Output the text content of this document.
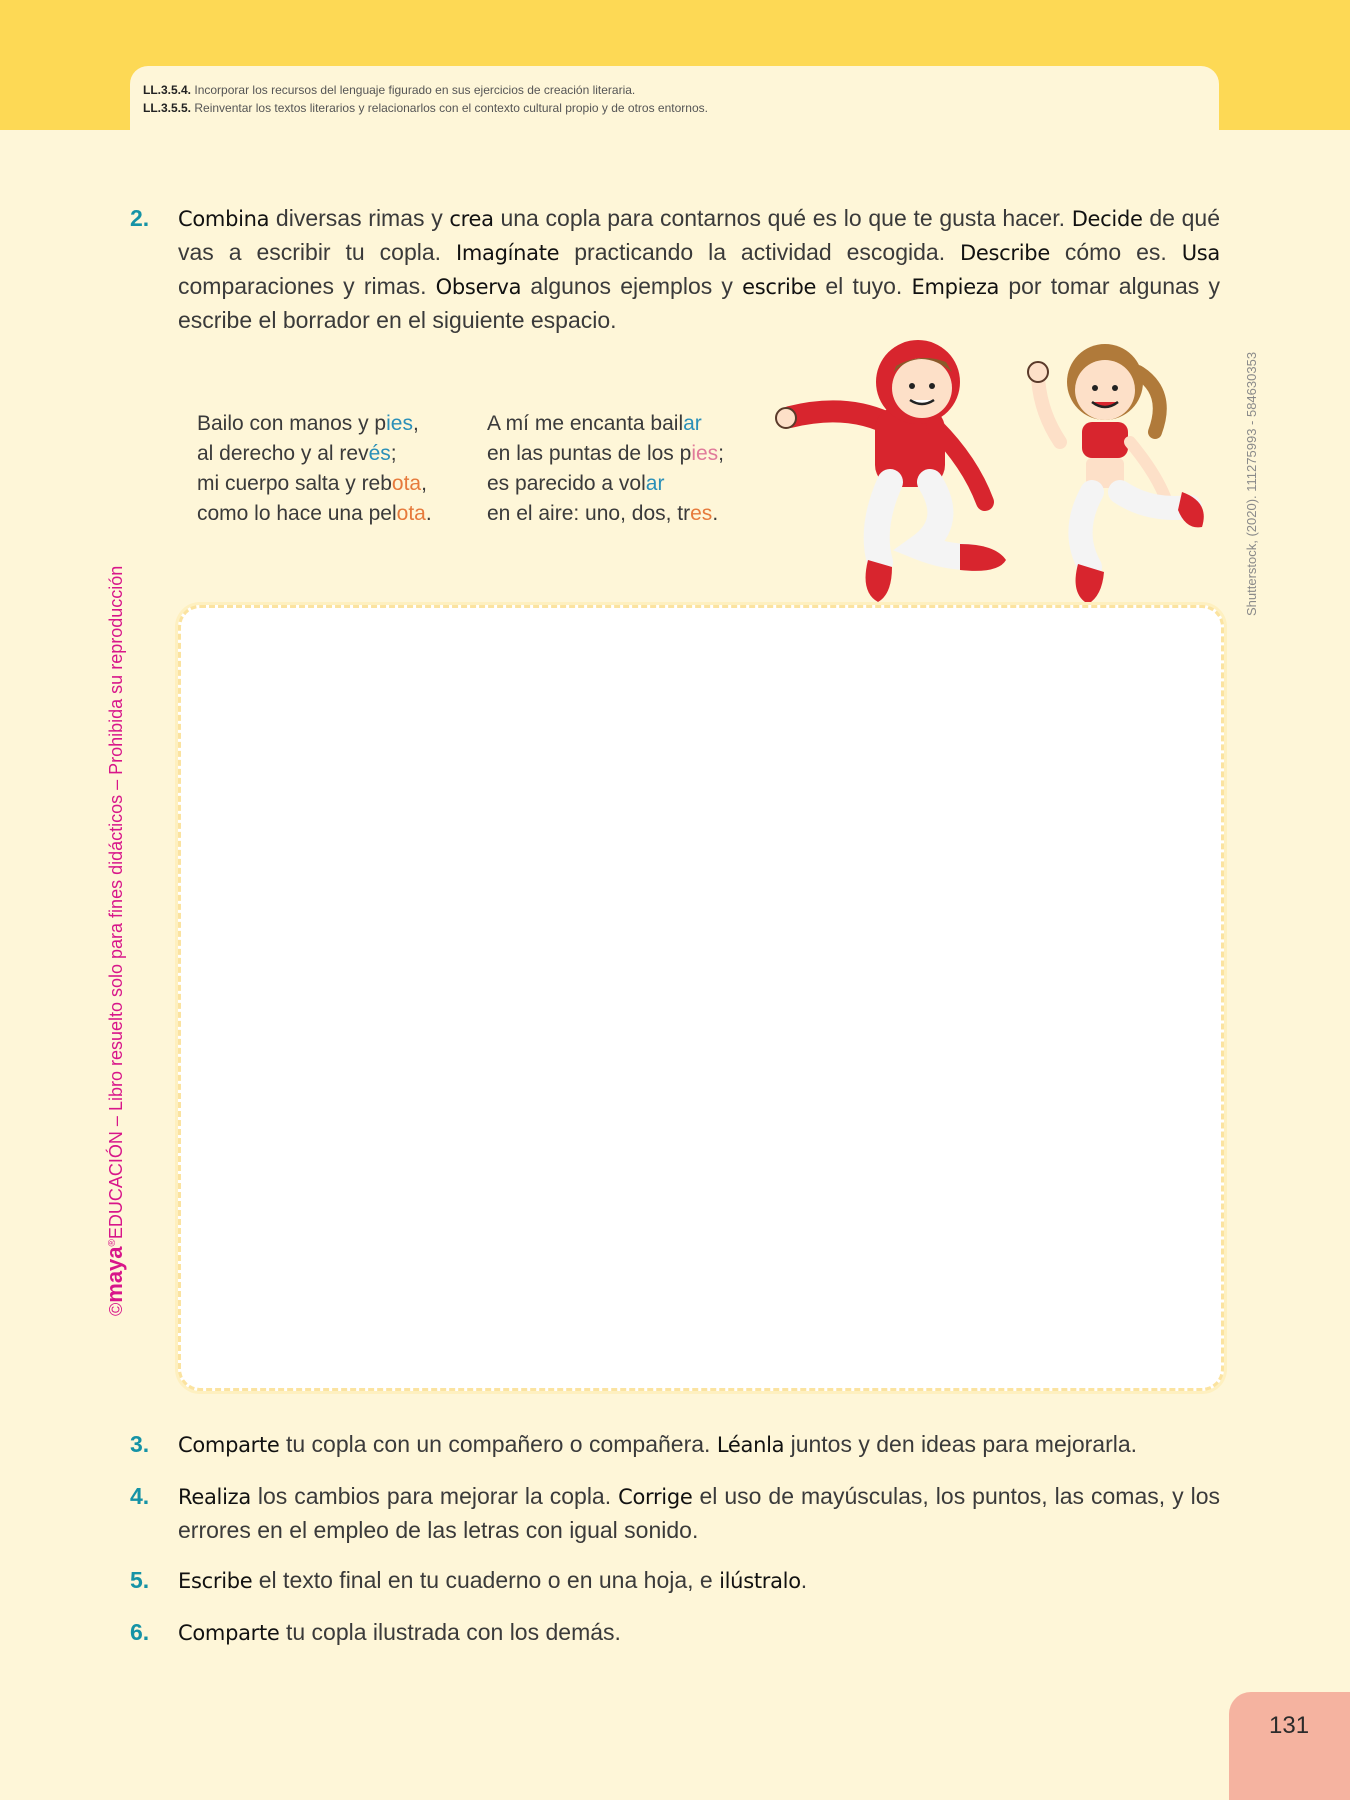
LL.3.5.4. Incorporar los recursos del lenguaje figurado en sus ejercicios de creación literaria.
LL.3.5.5. Reinventar los textos literarios y relacionarlos con el contexto cultural propio y de otros entornos.
©maya®EDUCACIÓN – Libro resuelto solo para fines didácticos – Prohibida su reproducción
Shutterstock, (2020). 111275993 - 584630353
2. Combina diversas rimas y crea una copla para contarnos qué es lo que te gusta hacer. Decide de qué vas a escribir tu copla. Imagínate practicando la actividad escogida. Describe cómo es. Usa comparaciones y rimas. Observa algunos ejemplos y escribe el tuyo. Empieza por tomar algunas y escribe el borrador en el siguiente espacio.
Bailo con manos y pies,
al derecho y al revés;
mi cuerpo salta y rebota,
como lo hace una pelota.
A mí me encanta bailar
en las puntas de los pies;
es parecido a volar
en el aire: uno, dos, tres.
3. Comparte tu copla con un compañero o compañera. Léanla juntos y den ideas para mejorarla.
4. Realiza los cambios para mejorar la copla. Corrige el uso de mayúsculas, los puntos, las comas, y los errores en el empleo de las letras con igual sonido.
5. Escribe el texto final en tu cuaderno o en una hoja, e ilústralo.
6. Comparte tu copla ilustrada con los demás.
131
